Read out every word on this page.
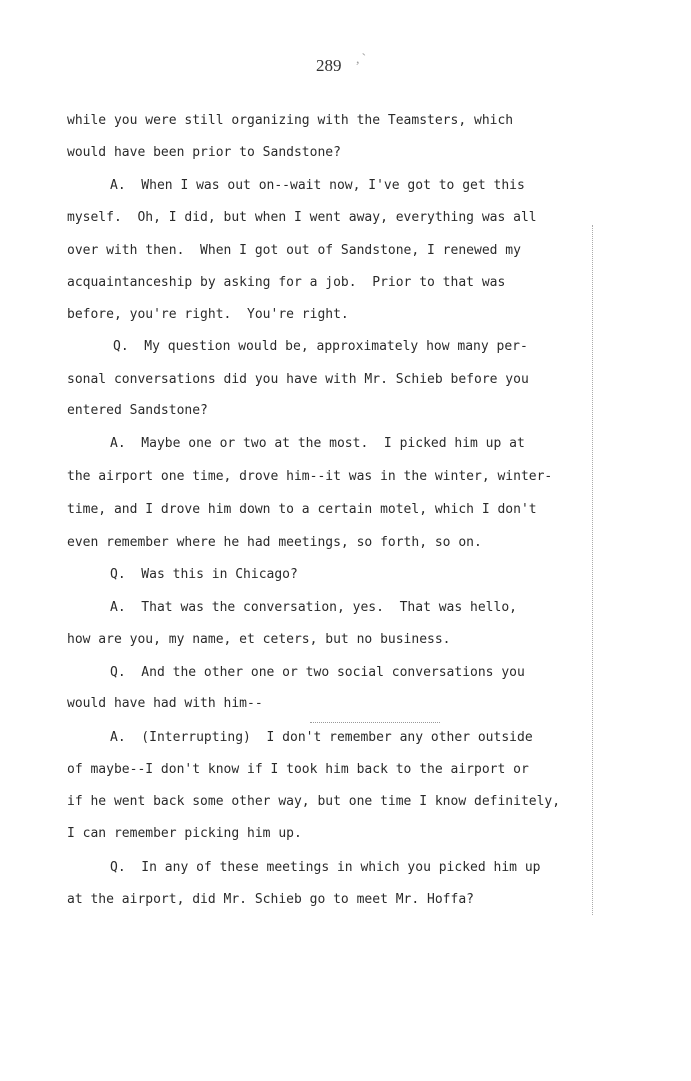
289 ,`
while you were still organizing with the Teamsters, which
would have been prior to Sandstone?
A.  When I was out on--wait now, I've got to get this
myself.  Oh, I did, but when I went away, everything was all
over with then.  When I got out of Sandstone, I renewed my
acquaintanceship by asking for a job.  Prior to that was
before, you're right.  You're right.
Q.  My question would be, approximately how many per-
sonal conversations did you have with Mr. Schieb before you
entered Sandstone?
A.  Maybe one or two at the most.  I picked him up at
the airport one time, drove him--it was in the winter, winter-
time, and I drove him down to a certain motel, which I don't
even remember where he had meetings, so forth, so on.
Q.  Was this in Chicago?
A.  That was the conversation, yes.  That was hello,
how are you, my name, et ceters, but no business.
Q.  And the other one or two social conversations you
would have had with him--
A.  (Interrupting)  I don't remember any other outside
of maybe--I don't know if I took him back to the airport or
if he went back some other way, but one time I know definitely,
I can remember picking him up.
Q.  In any of these meetings in which you picked him up
at the airport, did Mr. Schieb go to meet Mr. Hoffa?
